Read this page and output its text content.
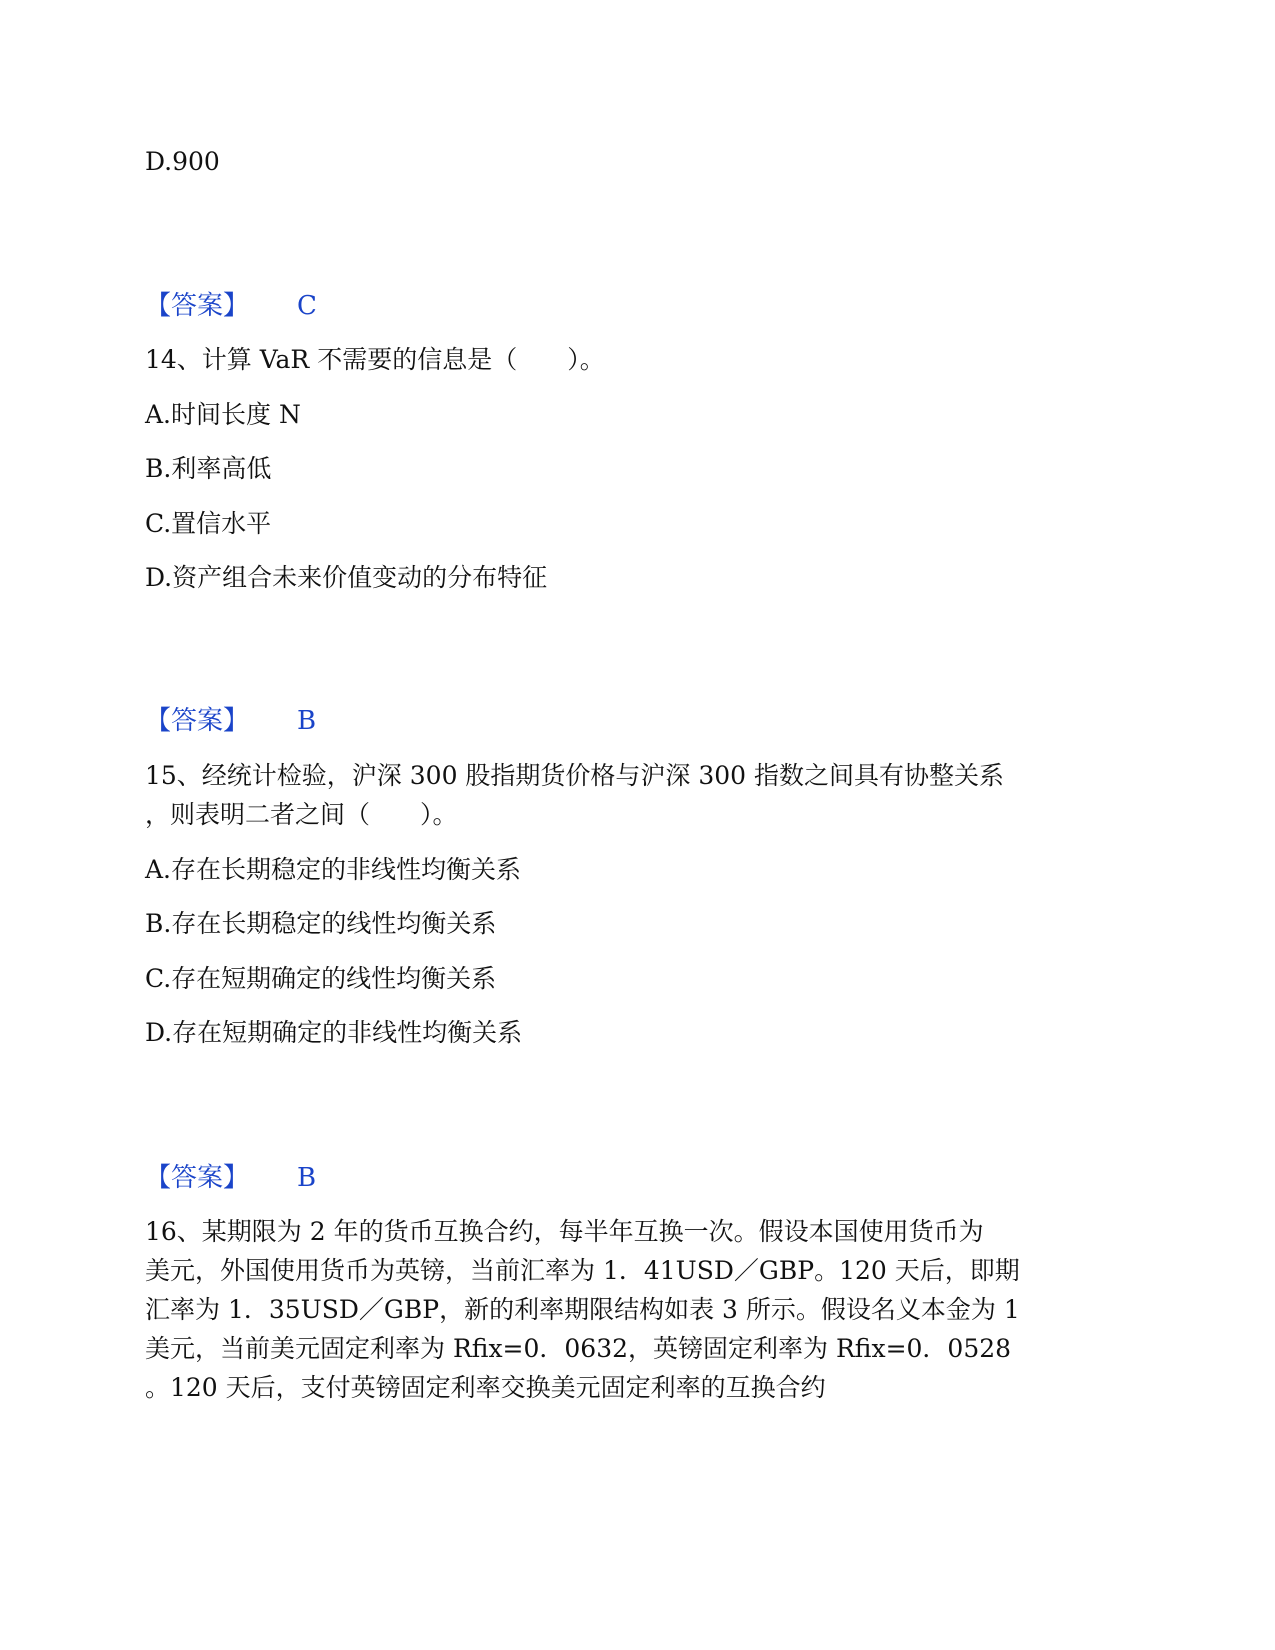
D.900
【答案】 C
14、计算 VaR 不需要的信息是（　　）。
A.时间长度 N
B.利率高低
C.置信水平
D.资产组合未来价值变动的分布特征
【答案】 B
15、经统计检验，沪深 300 股指期货价格与沪深 300 指数之间具有协整关系
，则表明二者之间（　　）。
A.存在长期稳定的非线性均衡关系
B.存在长期稳定的线性均衡关系
C.存在短期确定的线性均衡关系
D.存在短期确定的非线性均衡关系
【答案】 B
16、某期限为 2 年的货币互换合约，每半年互换一次。假设本国使用货币为
美元，外国使用货币为英镑，当前汇率为 1．41USD／GBP。120 天后，即期
汇率为 1．35USD／GBP，新的利率期限结构如表 3 所示。假设名义本金为 1
美元，当前美元固定利率为 Rfix=0．0632，英镑固定利率为 Rfix=0．0528
。120 天后，支付英镑固定利率交换美元固定利率的互换合约
